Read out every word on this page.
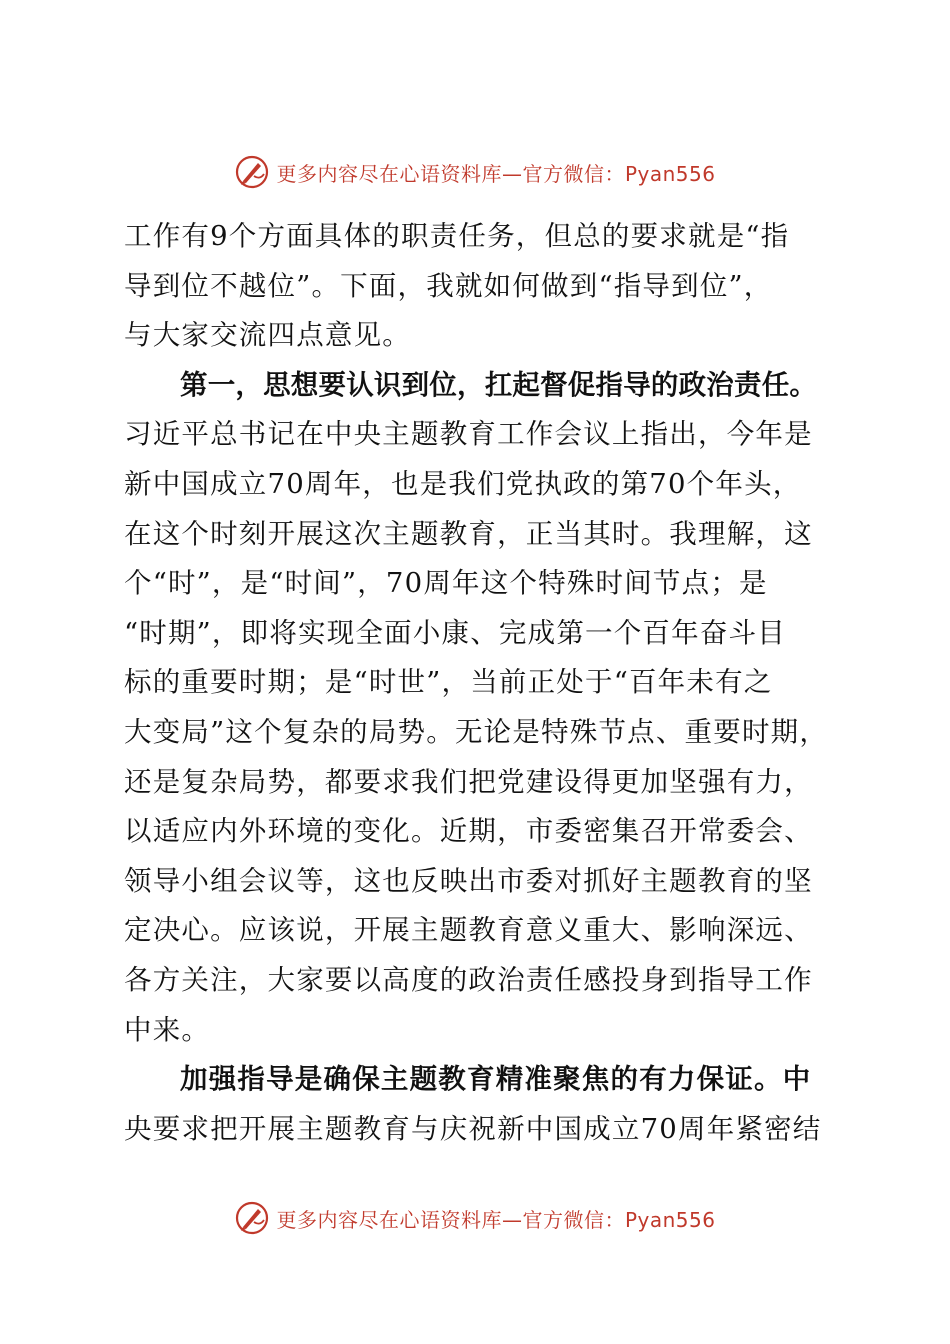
更多内容尽在心语资料库—官方微信：Pyan556
工作有9个方面具体的职责任务，但总的要求就是“指
导到位不越位”。下面，我就如何做到“指导到位”，
与大家交流四点意见。
第一，思想要认识到位，扛起督促指导的政治责任。
习近平总书记在中央主题教育工作会议上指出，今年是
新中国成立70周年，也是我们党执政的第70个年头，
在这个时刻开展这次主题教育，正当其时。我理解，这
个“时”，是“时间”，70周年这个特殊时间节点；是
“时期”，即将实现全面小康、完成第一个百年奋斗目
标的重要时期；是“时世”，当前正处于“百年未有之
大变局”这个复杂的局势。无论是特殊节点、重要时期，
还是复杂局势，都要求我们把党建设得更加坚强有力，
以适应内外环境的变化。近期，市委密集召开常委会、
领导小组会议等，这也反映出市委对抓好主题教育的坚
定决心。应该说，开展主题教育意义重大、影响深远、
各方关注，大家要以高度的政治责任感投身到指导工作
中来。
加强指导是确保主题教育精准聚焦的有力保证。中
央要求把开展主题教育与庆祝新中国成立70周年紧密结
更多内容尽在心语资料库—官方微信：Pyan556
